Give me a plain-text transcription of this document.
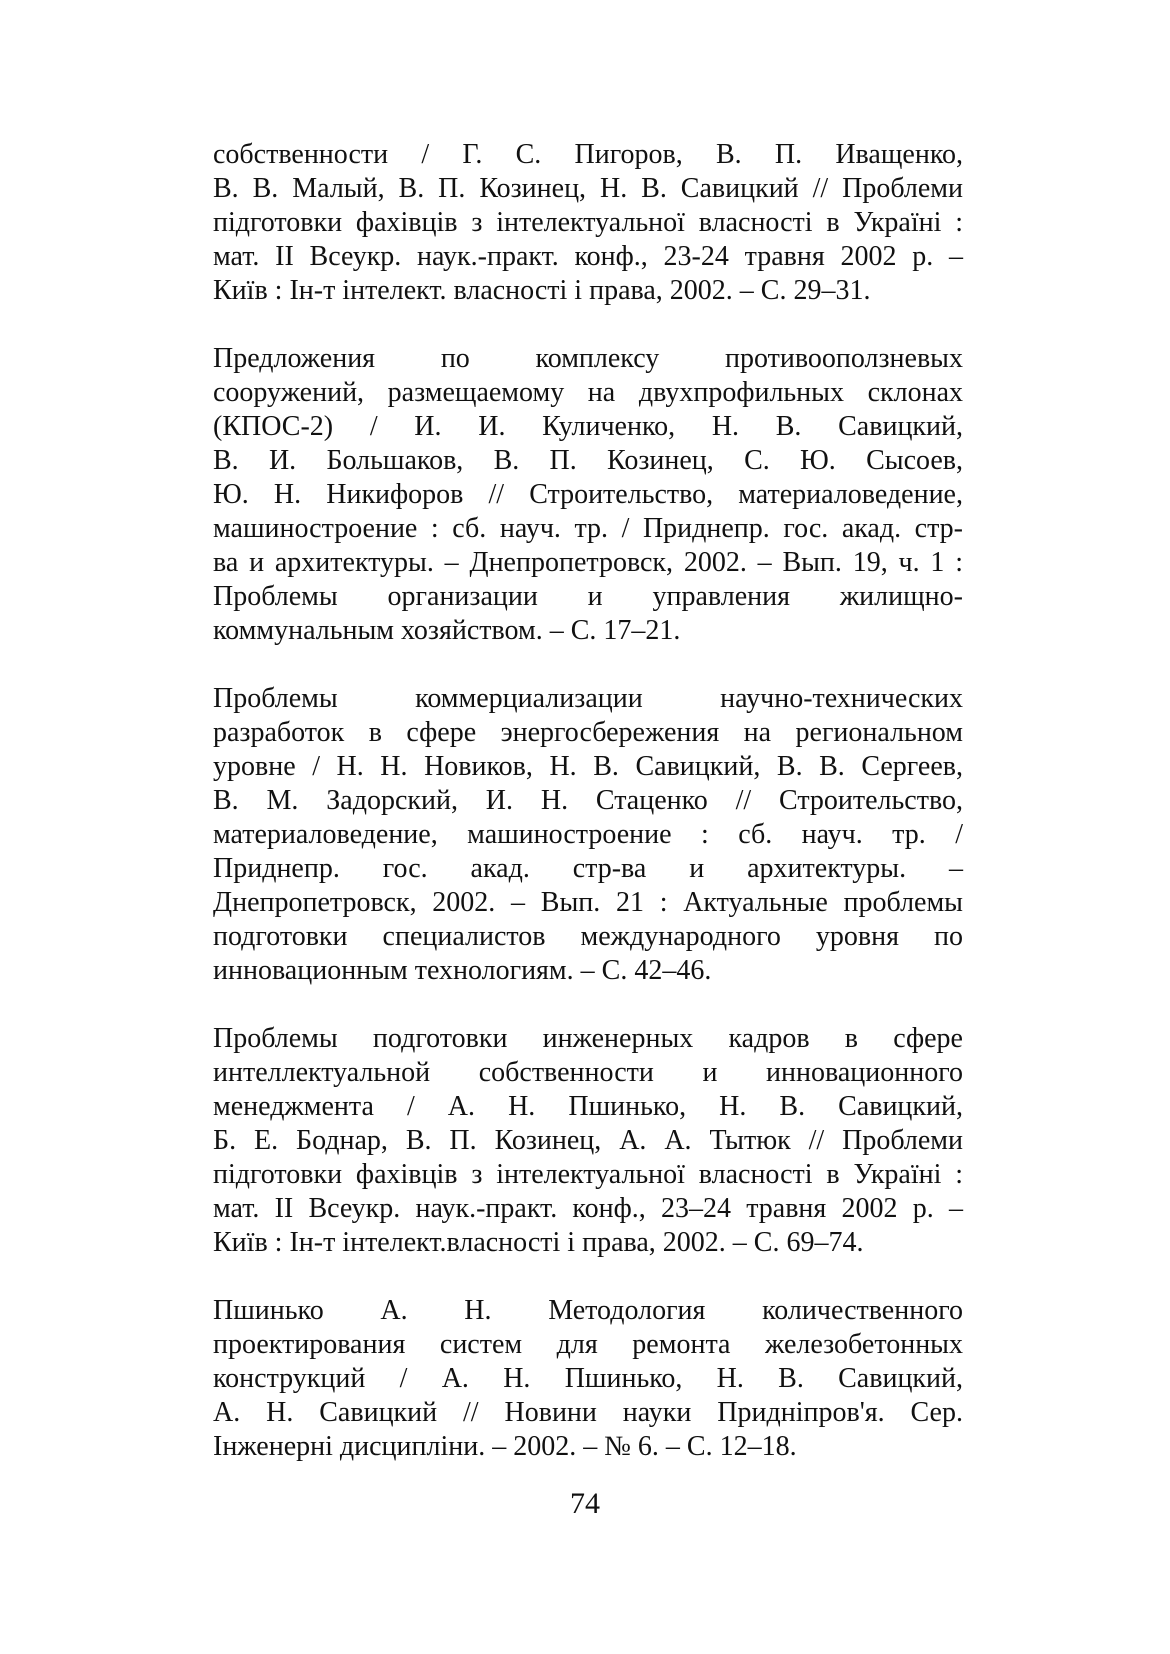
собственности / Г. С. Пигоров, В. П. Иващенко,
В. В. Малый, В. П. Козинец, Н. В. Савицкий // Проблеми
підготовки фахівців з інтелектуальної власності в Україні :
мат. II Всеукр. наук.-практ. конф., 23-24 травня 2002 р. –
Київ : Ін-т інтелект. власності і права, 2002. – С. 29–31.
Предложения по комплексу противооползневых
сооружений, размещаемому на двухпрофильных склонах
(КПОС-2) / И. И. Куличенко, Н. В. Савицкий,
В. И. Большаков, В. П. Козинец, С. Ю. Сысоев,
Ю. Н. Никифоров // Строительство, материаловедение,
машиностроение : сб. науч. тр. / Приднепр. гос. акад. стр-
ва и архитектуры. – Днепропетровск, 2002. – Вып. 19, ч. 1 :
Проблемы организации и управления жилищно-
коммунальным хозяйством. – С. 17–21.
Проблемы коммерциализации научно-технических
разработок в сфере энергосбережения на региональном
уровне / Н. Н. Новиков, Н. В. Савицкий, В. В. Сергеев,
В. М. Задорский, И. Н. Стаценко // Строительство,
материаловедение, машиностроение : сб. науч. тр. /
Приднепр. гос. акад. стр-ва и архитектуры. –
Днепропетровск, 2002. – Вып. 21 : Актуальные проблемы
подготовки специалистов международного уровня по
инновационным технологиям. – С. 42–46.
Проблемы подготовки инженерных кадров в сфере
интеллектуальной собственности и инновационного
менеджмента / А. Н. Пшинько, Н. В. Савицкий,
Б. Е. Боднар, В. П. Козинец, А. А. Тытюк // Проблеми
підготовки фахівців з інтелектуальної власності в Україні :
мат. II Всеукр. наук.-практ. конф., 23–24 травня 2002 р. –
Київ : Ін-т інтелект.власності і права, 2002. – С. 69–74.
Пшинько А. Н. Методология количественного
проектирования систем для ремонта железобетонных
конструкций / А. Н. Пшинько, Н. В. Савицкий,
А. Н. Савицкий // Новини науки Придніпров'я. Сер.
Інженерні дисципліни. – 2002. – № 6. – С. 12–18.
74
